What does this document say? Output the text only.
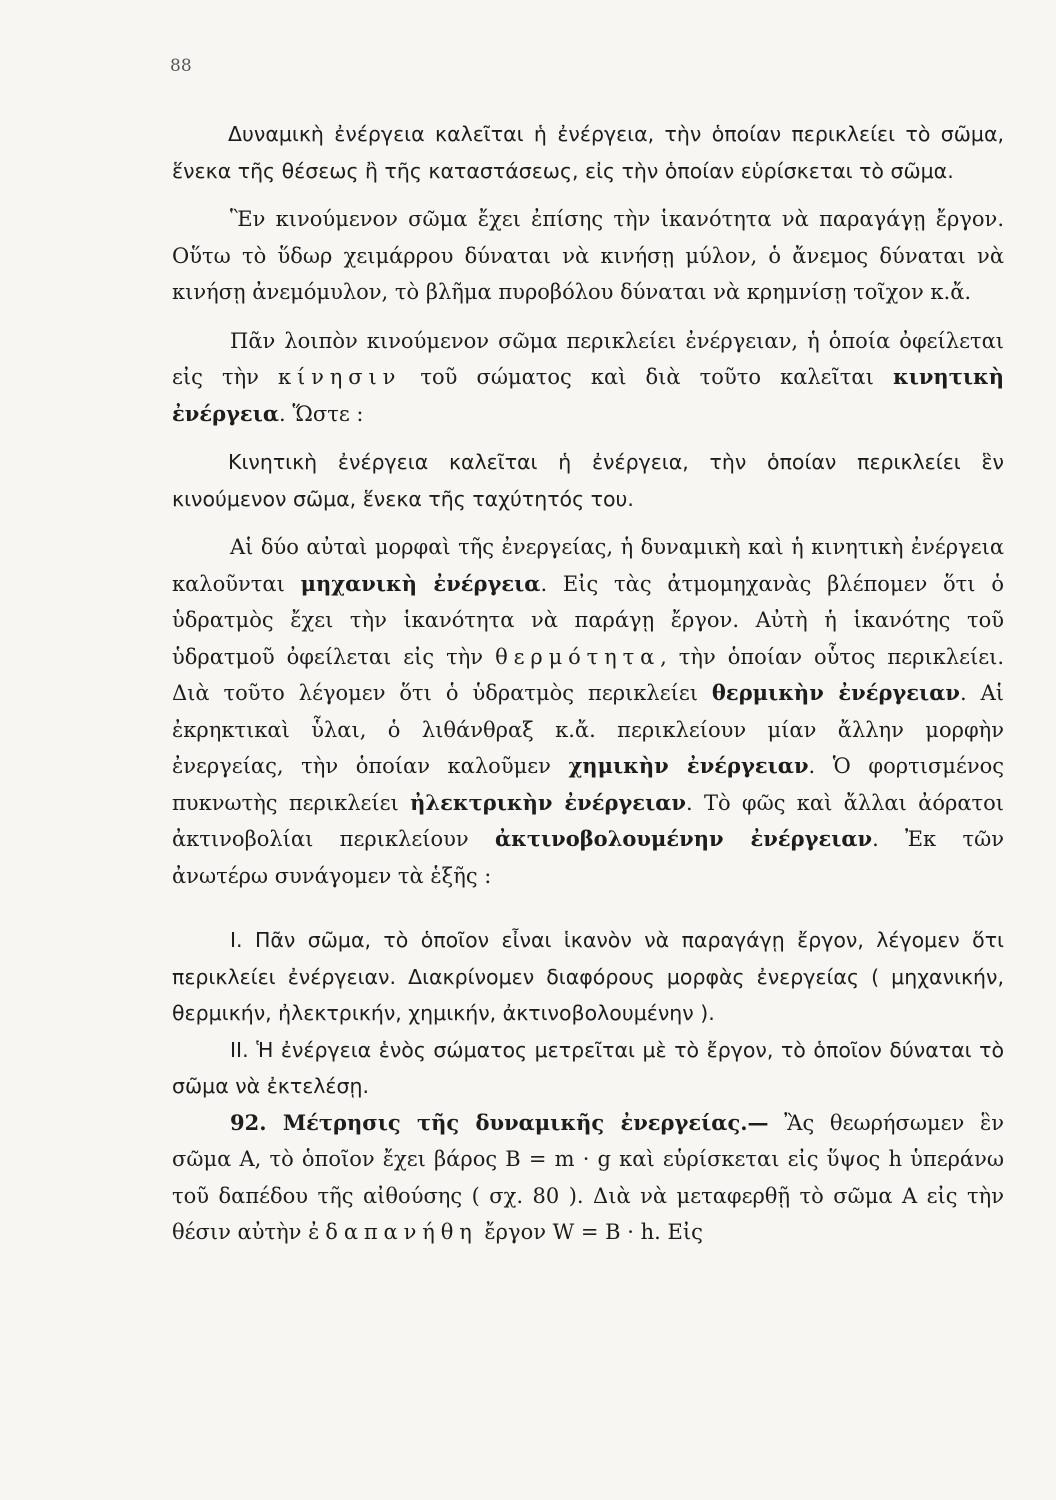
88

Δυναμικὴ ἐνέργεια καλεῖται ἡ ἐνέργεια, τὴν ὁποίαν περικλείει τὸ σῶμα, ἕνεκα τῆς θέσεως ἢ τῆς καταστάσεως, εἰς τὴν ὁποίαν εὑρίσκεται τὸ σῶμα.

Ἓν κινούμενον σῶμα ἔχει ἐπίσης τὴν ἱκανότητα νὰ παραγάγῃ ἔργον. Οὕτω τὸ ὕδωρ χειμάρρου δύναται νὰ κινήσῃ μύλον, ὁ ἄνεμος δύναται νὰ κινήσῃ ἀνεμόμυλον, τὸ βλῆμα πυροβόλου δύναται νὰ κρημνίσῃ τοῖχον κ.ἄ.

Πᾶν λοιπὸν κινούμενον σῶμα περικλείει ἐνέργειαν, ἡ ὁποία ὀφείλεται εἰς τὴν κίνησιν τοῦ σώματος καὶ διὰ τοῦτο καλεῖται κινητικὴ ἐνέργεια. Ὥστε :

Κινητικὴ ἐνέργεια καλεῖται ἡ ἐνέργεια, τὴν ὁποίαν περικλείει ἓν κινούμενον σῶμα, ἕνεκα τῆς ταχύτητός του.

Αἱ δύο αὐταὶ μορφαὶ τῆς ἐνεργείας, ἡ δυναμικὴ καὶ ἡ κινητικὴ ἐνέργεια καλοῦνται μηχανικὴ ἐνέργεια. Εἰς τὰς ἀτμομηχανὰς βλέπομεν ὅτι ὁ ὑδρατμὸς ἔχει τὴν ἱκανότητα νὰ παράγῃ ἔργον. Αὐτὴ ἡ ἱκανότης τοῦ ὑδρατμοῦ ὀφείλεται εἰς τὴν θερμότητα, τὴν ὁποίαν οὗτος περικλείει. Διὰ τοῦτο λέγομεν ὅτι ὁ ὑδρατμὸς περικλείει θερμικὴν ἐνέργειαν. Αἱ ἐκρηκτικαὶ ὗλαι, ὁ λιθάνθραξ κ.ἄ. περικλείουν μίαν ἄλλην μορφὴν ἐνεργείας, τὴν ὁποίαν καλοῦμεν χημικὴν ἐνέργειαν. Ὁ φορτισμένος πυκνωτὴς περικλείει ἠλεκτρικὴν ἐνέργειαν. Τὸ φῶς καὶ ἄλλαι ἀόρατοι ἀκτινοβολίαι περικλείουν ἀκτινοβολουμένην ἐνέργειαν. Ἐκ τῶν ἀνωτέρω συνάγομεν τὰ ἑξῆς :

I. Πᾶν σῶμα, τὸ ὁποῖον εἶναι ἱκανὸν νὰ παραγάγῃ ἔργον, λέγομεν ὅτι περικλείει ἐνέργειαν. Διακρίνομεν διαφόρους μορφὰς ἐνεργείας ( μηχανικήν, θερμικήν, ἠλεκτρικήν, χημικήν, ἀκτινοβολουμένην ).

II. Ἡ ἐνέργεια ἑνὸς σώματος μετρεῖται μὲ τὸ ἔργον, τὸ ὁποῖον δύναται τὸ σῶμα νὰ ἐκτελέσῃ.

92. Μέτρησις τῆς δυναμικῆς ἐνεργείας.— Ἂς θεωρήσωμεν ἓν σῶμα Α, τὸ ὁποῖον ἔχει βάρος Β = m · g καὶ εὑρίσκεται εἰς ὕψος h ὑπεράνω τοῦ δαπέδου τῆς αἰθούσης ( σχ. 80 ). Διὰ νὰ μεταφερθῇ τὸ σῶμα Α εἰς τὴν θέσιν αὐτὴν ἐδαπανήθη ἔργον W = B · h. Εἰς
